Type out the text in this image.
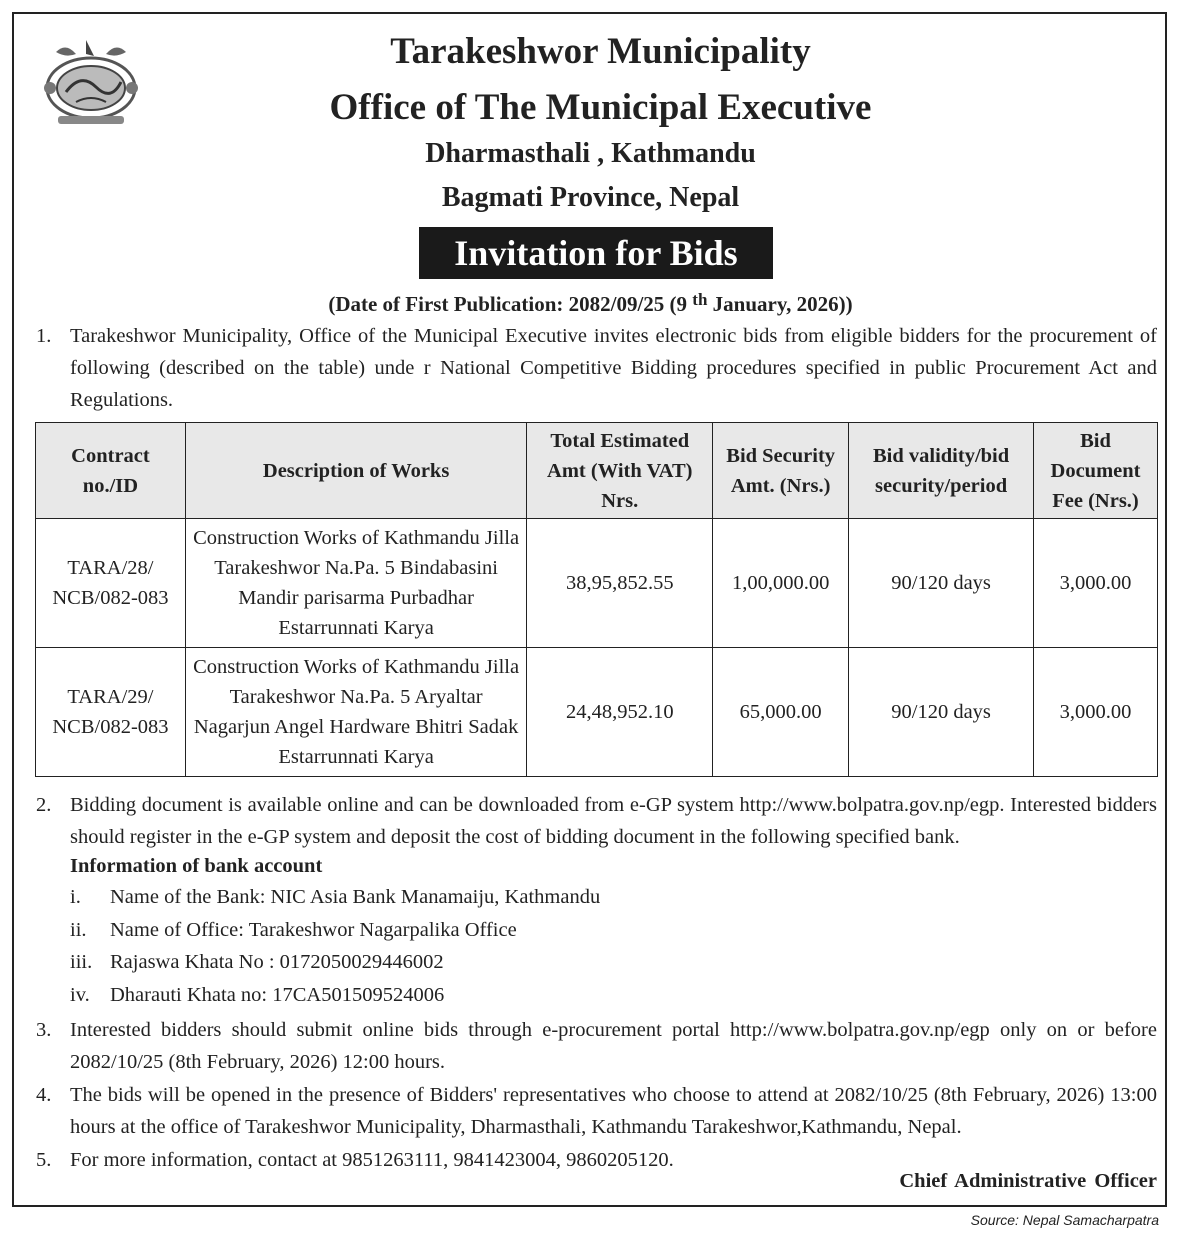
Tarakeshwor Municipality
Office of The Municipal Executive
Dharmasthali , Kathmandu
Bagmati Province, Nepal
Invitation for Bids
(Date of First Publication: 2082/09/25 (9 $^{th}$ January, 2026))
1. Tarakeshwor Municipality, Office of the Municipal Executive invites electronic bids from eligible bidders for the procurement of following (described on the table) unde r National Competitive Bidding procedures specified in public Procurement Act and Regulations.
Contract no./ID	Description of Works	Total Estimated Amt (With VAT) Nrs.	Bid Security Amt. (Nrs.)	Bid validity/bid security/period	Bid Document Fee (Nrs.)
TARA/28/ NCB/082-083	Construction Works of Kathmandu Jilla Tarakeshwor Na.Pa. 5 Bindabasini Mandir parisarma Purbadhar Estarrunnati Karya	38,95,852.55	1,00,000.00	90/120 days	3,000.00
TARA/29/ NCB/082-083	Construction Works of Kathmandu Jilla Tarakeshwor Na.Pa. 5 Aryaltar Nagarjun Angel Hardware Bhitri Sadak Estarrunnati Karya	24,48,952.10	65,000.00	90/120 days	3,000.00
2. Bidding document is available online and can be downloaded from e-GP system http://www.bolpatra.gov.np/egp. Interested bidders should register in the e-GP system and deposit the cost of bidding document in the following specified bank.
Information of bank account
i.	Name of the Bank: NIC Asia Bank Manamaiju, Kathmandu
ii.	Name of Office: Tarakeshwor Nagarpalika Office
iii. Rajaswa Khata No : 0172050029446002
iv. Dharauti Khata no: 17CA501509524006
3. Interested bidders should submit online bids through e-procurement portal http://www.bolpatra.gov.np/egp only on or before 2082/10/25 (8th February, 2026) 12:00 hours.
4. The bids will be opened in the presence of Bidders' representatives who choose to attend at 2082/10/25 (8th February, 2026) 13:00 hours at the office of Tarakeshwor Municipality, Dharmasthali, Kathmandu Tarakeshwor,Kathmandu, Nepal.
5. For more information, contact at 9851263111, 9841423004, 9860205120.
Chief Administrative Officer
Source: Nepal Samacharpatra
